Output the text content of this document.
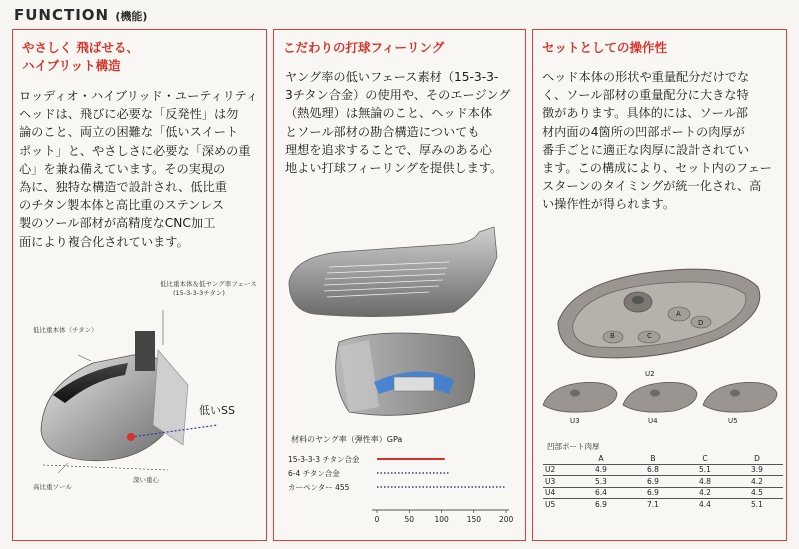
FUNCTION (機能)
やさしく 飛ばせる、
ハイブリット構造
ロッディオ・ハイブリッド・ユーティリティ
ヘッドは、飛びに必要な「反発性」は勿
論のこと、両立の困難な「低いスイート
ポット」と、やさしさに必要な「深めの重
心」を兼ね備えています。その実現の
為に、独特な構造で設計され、低比重
のチタン製本体と高比重のステンレス
製のソール部材が高精度なCNC加工
面により複合化されています。
低比重本体＆低ヤング率フェース
(15-3-3-3チタン)
低比重本体（チタン）
低いSS
深い重心
高比重ソール
こだわりの打球フィーリング
ヤング率の低いフェース素材（15-3-3-
3チタン合金）の使用や、そのエージング
（熱処理）は無論のこと、ヘッド本体
とソール部材の勘合構造についても
理想を追求することで、厚みのある心
地よい打球フィーリングを提供します。
材料のヤング率（弾性率）GPa
15-3-3-3 チタン合金
6-4 チタン合金
カーペンター 455
0	50	100 150 200
セットとしての操作性
ヘッド本体の形状や重量配分だけでな
く、ソール部材の重量配分に大きな特
徴があります。具体的には、ソール部
材内面の4箇所の凹部ポートの肉厚が
番手ごとに適正な肉厚に設計されてい
ます。この構成により、セット内のフェー
スターンのタイミングが統一化され、高
い操作性が得られます。
B	C
A
D
U2
U3	U4	U5
凹部ポート肉厚
	A	B	C	D
U2	4.9	6.8	5.1	3.9
U3	5.3	6.9	4.8	4.2
U4	6.4	6.9	4.2	4.5
U5	6.9	7.1	4.4	5.1
